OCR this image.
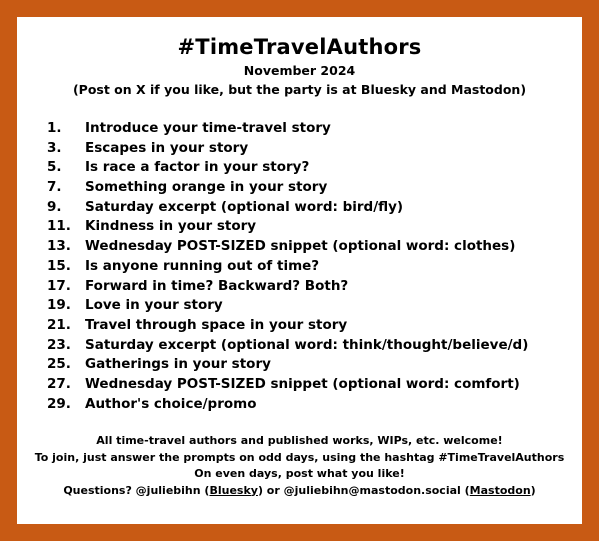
#TimeTravelAuthors
November 2024
(Post on X if you like, but the party is at Bluesky and Mastodon)
1.	Introduce your time-travel story
3.	Escapes in your story
5.	Is race a factor in your story?
7.	Something orange in your story
9.	Saturday excerpt (optional word: bird/fly)
11.	Kindness in your story
13.	Wednesday POST-SIZED snippet (optional word: clothes)
15.	Is anyone running out of time?
17.	Forward in time? Backward? Both?
19.	Love in your story
21.	Travel through space in your story
23.	Saturday excerpt (optional word: think/thought/believe/d)
25.	Gatherings in your story
27.	Wednesday POST-SIZED snippet (optional word: comfort)
29.	Author's choice/promo
All time-travel authors and published works, WIPs, etc. welcome!
To join, just answer the prompts on odd days, using the hashtag #TimeTravelAuthors
On even days, post what you like!
Questions? @juliebihn (Bluesky) or @juliebihn@mastodon.social (Mastodon)
